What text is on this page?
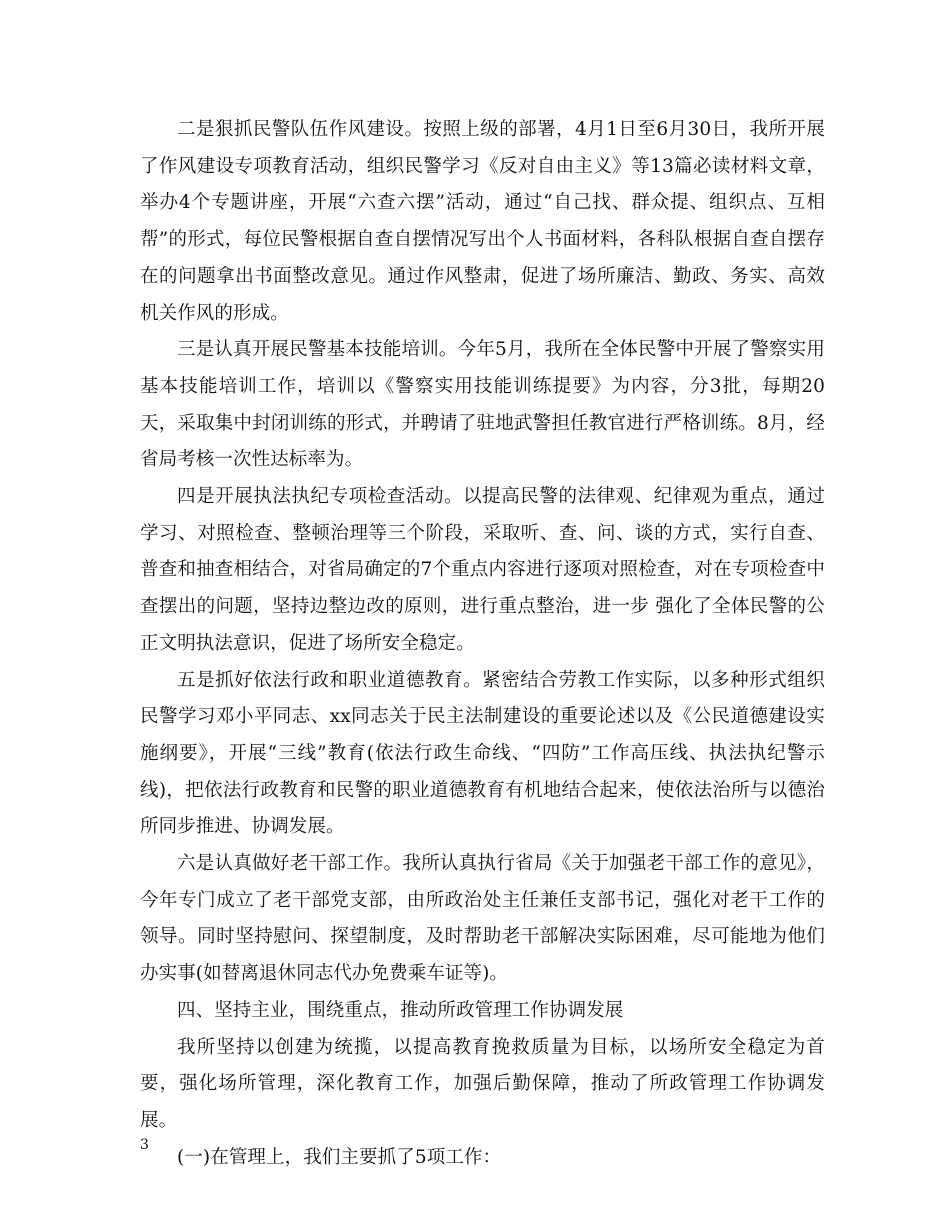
二是狠抓民警队伍作风建设。按照上级的部署，4月1日至6月30日，我所开展了作风建设专项教育活动，组织民警学习《反对自由主义》等13篇必读材料文章，举办4个专题讲座，开展“六查六摆”活动，通过“自己找、群众提、组织点、互相帮”的形式，每位民警根据自查自摆情况写出个人书面材料，各科队根据自查自摆存在的问题拿出书面整改意见。通过作风整肃，促进了场所廉洁、勤政、务实、高效机关作风的形成。

三是认真开展民警基本技能培训。今年5月，我所在全体民警中开展了警察实用基本技能培训工作，培训以《警察实用技能训练提要》为内容，分3批，每期20天，采取集中封闭训练的形式，并聘请了驻地武警担任教官进行严格训练。8月，经省局考核一次性达标率为。

四是开展执法执纪专项检查活动。以提高民警的法律观、纪律观为重点，通过学习、对照检查、整顿治理等三个阶段，采取听、查、问、谈的方式，实行自查、普查和抽查相结合，对省局确定的7个重点内容进行逐项对照检查，对在专项检查中查摆出的问题，坚持边整边改的原则，进行重点整治，进一步 强化了全体民警的公正文明执法意识，促进了场所安全稳定。

五是抓好依法行政和职业道德教育。紧密结合劳教工作实际，以多种形式组织民警学习邓小平同志、xx同志关于民主法制建设的重要论述以及《公民道德建设实施纲要》，开展“三线”教育(依法行政生命线、“四防”工作高压线、执法执纪警示线)，把依法行政教育和民警的职业道德教育有机地结合起来，使依法治所与以德治所同步推进、协调发展。

六是认真做好老干部工作。我所认真执行省局《关于加强老干部工作的意见》，今年专门成立了老干部党支部，由所政治处主任兼任支部书记，强化对老干工作的领导。同时坚持慰问、探望制度，及时帮助老干部解决实际困难，尽可能地为他们办实事(如替离退休同志代办免费乘车证等)。

四、坚持主业，围绕重点，推动所政管理工作协调发展

我所坚持以创建为统揽，以提高教育挽救质量为目标，以场所安全稳定为首要，强化场所管理，深化教育工作，加强后勤保障，推动了所政管理工作协调发展。

(一)在管理上，我们主要抓了5项工作：

3
